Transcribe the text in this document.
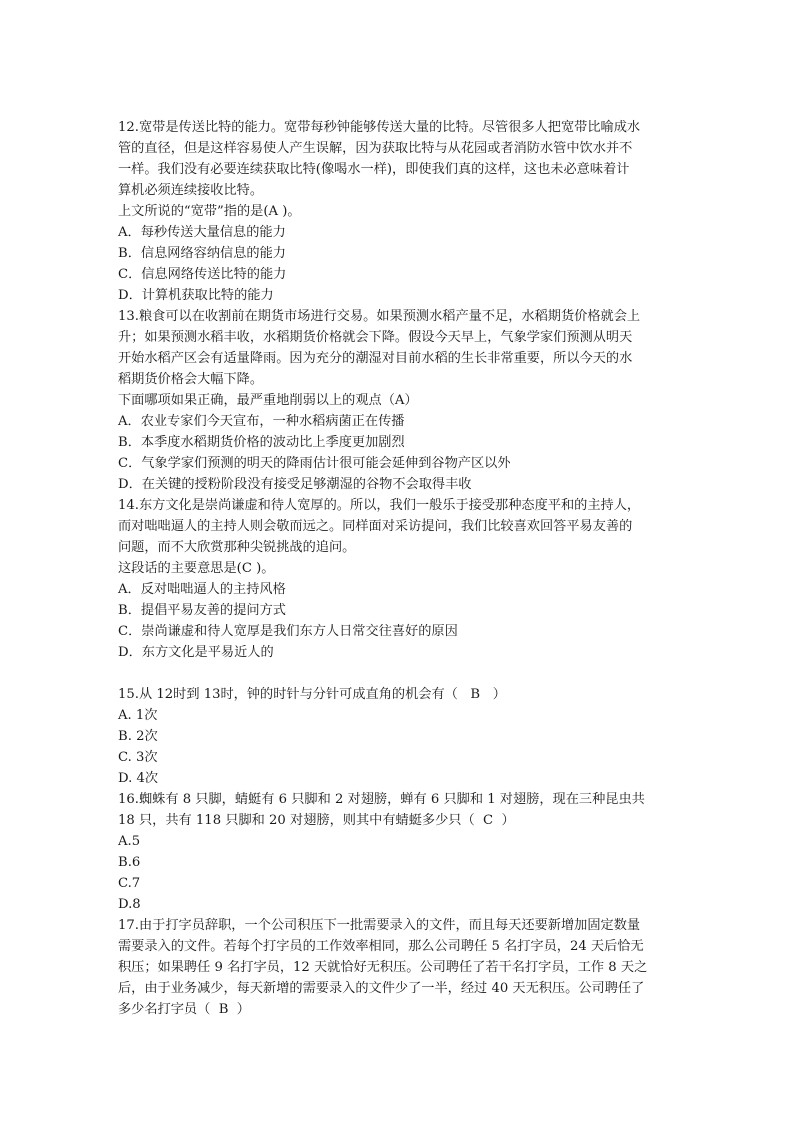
12.宽带是传送比特的能力。宽带每秒钟能够传送大量的比特。尽管很多人把宽带比喻成水
管的直径，但是这样容易使人产生误解，因为获取比特与从花园或者消防水管中饮水并不
一样。我们没有必要连续获取比特(像喝水一样)，即使我们真的这样，这也未必意味着计
算机必须连续接收比特。
上文所说的“宽带”指的是(A )。
A．每秒传送大量信息的能力
B．信息网络容纳信息的能力
C．信息网络传送比特的能力
D．计算机获取比特的能力
13.粮食可以在收割前在期货市场进行交易。如果预测水稻产量不足，水稻期货价格就会上
升；如果预测水稻丰收，水稻期货价格就会下降。假设今天早上，气象学家们预测从明天
开始水稻产区会有适量降雨。因为充分的潮湿对目前水稻的生长非常重要，所以今天的水
稻期货价格会大幅下降。
下面哪项如果正确，最严重地削弱以上的观点（A）
A．农业专家们今天宣布，一种水稻病菌正在传播
B．本季度水稻期货价格的波动比上季度更加剧烈
C．气象学家们预测的明天的降雨估计很可能会延伸到谷物产区以外
D．在关键的授粉阶段没有接受足够潮湿的谷物不会取得丰收
14.东方文化是崇尚谦虚和待人宽厚的。所以，我们一般乐于接受那种态度平和的主持人，
而对咄咄逼人的主持人则会敬而远之。同样面对采访提问，我们比较喜欢回答平易友善的
问题，而不大欣赏那种尖锐挑战的追问。
这段话的主要意思是(C )。
A．反对咄咄逼人的主持风格
B．提倡平易友善的提问方式
C．崇尚谦虚和待人宽厚是我们东方人日常交往喜好的原因
D．东方文化是平易近人的
15.从 12时到 13时，钟的时针与分针可成直角的机会有（   B   ）
A. 1次
B. 2次
C. 3次
D. 4次
16.蜘蛛有 8 只脚，蜻蜓有 6 只脚和 2 对翅膀，蝉有 6 只脚和 1 对翅膀，现在三种昆虫共
18 只，共有 118 只脚和 20 对翅膀，则其中有蜻蜓多少只（  C  ）
A.5
B.6
C.7
D.8
17.由于打字员辞职，一个公司积压下一批需要录入的文件，而且每天还要新增加固定数量
需要录入的文件。若每个打字员的工作效率相同，那么公司聘任 5 名打字员，24 天后恰无
积压；如果聘任 9 名打字员，12 天就恰好无积压。公司聘任了若干名打字员，工作 8 天之
后，由于业务减少，每天新增的需要录入的文件少了一半，经过 40 天无积压。公司聘任了
多少名打字员（  B  ）
